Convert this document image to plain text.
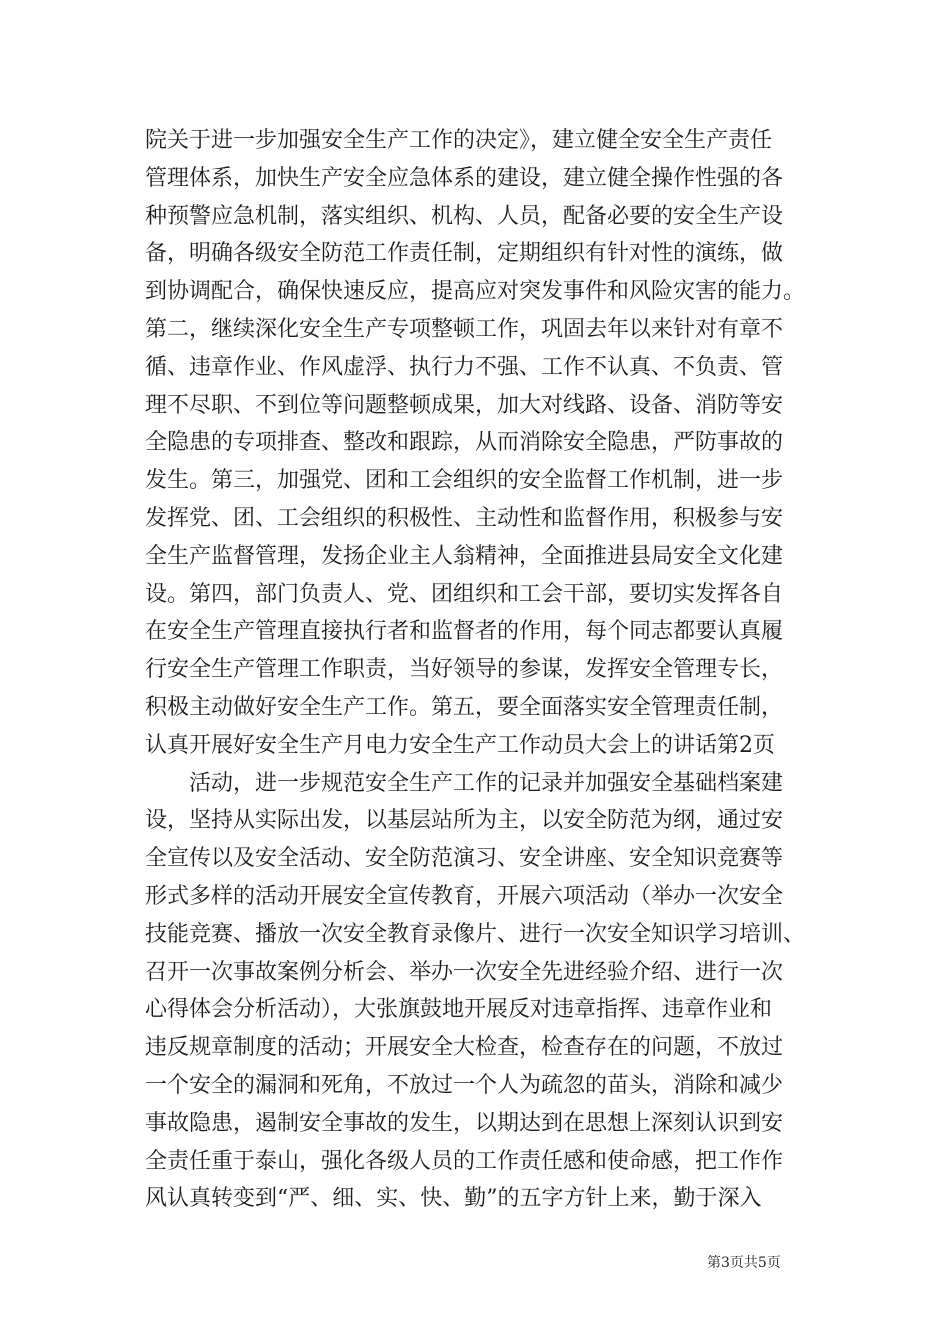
院关于进一步加强安全生产工作的决定》，建立健全安全生产责任
管理体系，加快生产安全应急体系的建设，建立健全操作性强的各
种预警应急机制，落实组织、机构、人员，配备必要的安全生产设
备，明确各级安全防范工作责任制，定期组织有针对性的演练，做
到协调配合，确保快速反应，提高应对突发事件和风险灾害的能力。
第二，继续深化安全生产专项整顿工作，巩固去年以来针对有章不
循、违章作业、作风虚浮、执行力不强、工作不认真、不负责、管
理不尽职、不到位等问题整顿成果，加大对线路、设备、消防等安
全隐患的专项排查、整改和跟踪，从而消除安全隐患，严防事故的
发生。第三，加强党、团和工会组织的安全监督工作机制，进一步
发挥党、团、工会组织的积极性、主动性和监督作用，积极参与安
全生产监督管理，发扬企业主人翁精神，全面推进县局安全文化建
设。第四，部门负责人、党、团组织和工会干部，要切实发挥各自
在安全生产管理直接执行者和监督者的作用，每个同志都要认真履
行安全生产管理工作职责，当好领导的参谋，发挥安全管理专长，
积极主动做好安全生产工作。第五，要全面落实安全管理责任制，
认真开展好安全生产月电力安全生产工作动员大会上的讲话第2页
活动，进一步规范安全生产工作的记录并加强安全基础档案建
设，坚持从实际出发，以基层站所为主，以安全防范为纲，通过安
全宣传以及安全活动、安全防范演习、安全讲座、安全知识竞赛等
形式多样的活动开展安全宣传教育，开展六项活动（举办一次安全
技能竞赛、播放一次安全教育录像片、进行一次安全知识学习培训、
召开一次事故案例分析会、举办一次安全先进经验介绍、进行一次
心得体会分析活动），大张旗鼓地开展反对违章指挥、违章作业和
违反规章制度的活动；开展安全大检查，检查存在的问题，不放过
一个安全的漏洞和死角，不放过一个人为疏忽的苗头，消除和减少
事故隐患，遏制安全事故的发生，以期达到在思想上深刻认识到安
全责任重于泰山，强化各级人员的工作责任感和使命感，把工作作
风认真转变到“严、细、实、快、勤”的五字方针上来，勤于深入
第3页共5页
